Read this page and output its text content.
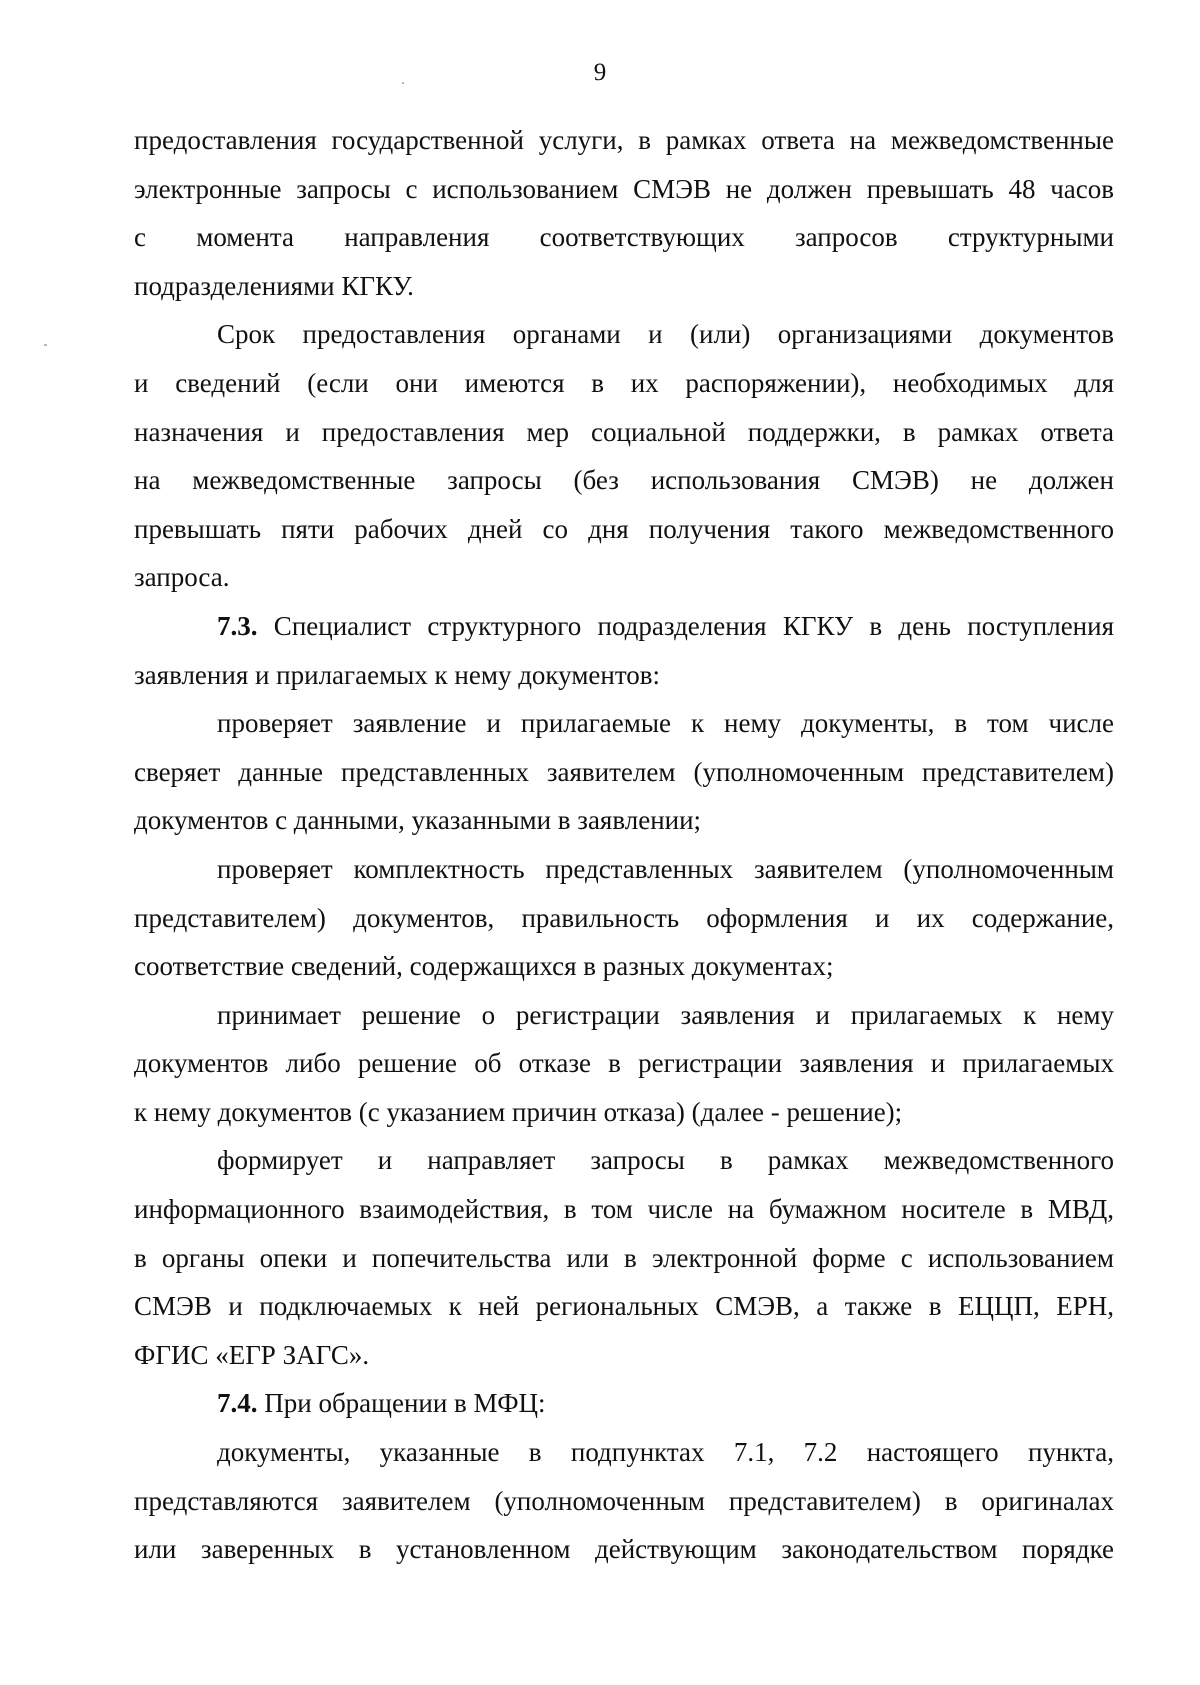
9

предоставления государственной услуги, в рамках ответа на межведомственные

электронные запросы с использованием СМЭВ не должен превышать 48 часов

с момента направления соответствующих запросов структурными

подразделениями КГКУ.

Срок предоставления органами и (или) организациями документов

и сведений (если они имеются в их распоряжении), необходимых для

назначения и предоставления мер социальной поддержки, в рамках ответа

на межведомственные запросы (без использования СМЭВ) не должен

превышать пяти рабочих дней со дня получения такого межведомственного

запроса.

7.3. Специалист структурного подразделения КГКУ в день поступления

заявления и прилагаемых к нему документов:

проверяет заявление и прилагаемые к нему документы, в том числе

сверяет данные представленных заявителем (уполномоченным представителем)

документов с данными, указанными в заявлении;

проверяет комплектность представленных заявителем (уполномоченным

представителем) документов, правильность оформления и их содержание,

соответствие сведений, содержащихся в разных документах;

принимает решение о регистрации заявления и прилагаемых к нему

документов либо решение об отказе в регистрации заявления и прилагаемых

к нему документов (с указанием причин отказа) (далее - решение);

формирует и направляет запросы в рамках межведомственного

информационного взаимодействия, в том числе на бумажном носителе в МВД,

в органы опеки и попечительства или в электронной форме с использованием

СМЭВ и подключаемых к ней региональных СМЭВ, а также в ЕЦЦП, ЕРН,

ФГИС «ЕГР ЗАГС».

7.4. При обращении в МФЦ:

документы, указанные в подпунктах 7.1, 7.2 настоящего пункта,

представляются заявителем (уполномоченным представителем) в оригиналах

или заверенных в установленном действующим законодательством порядке
